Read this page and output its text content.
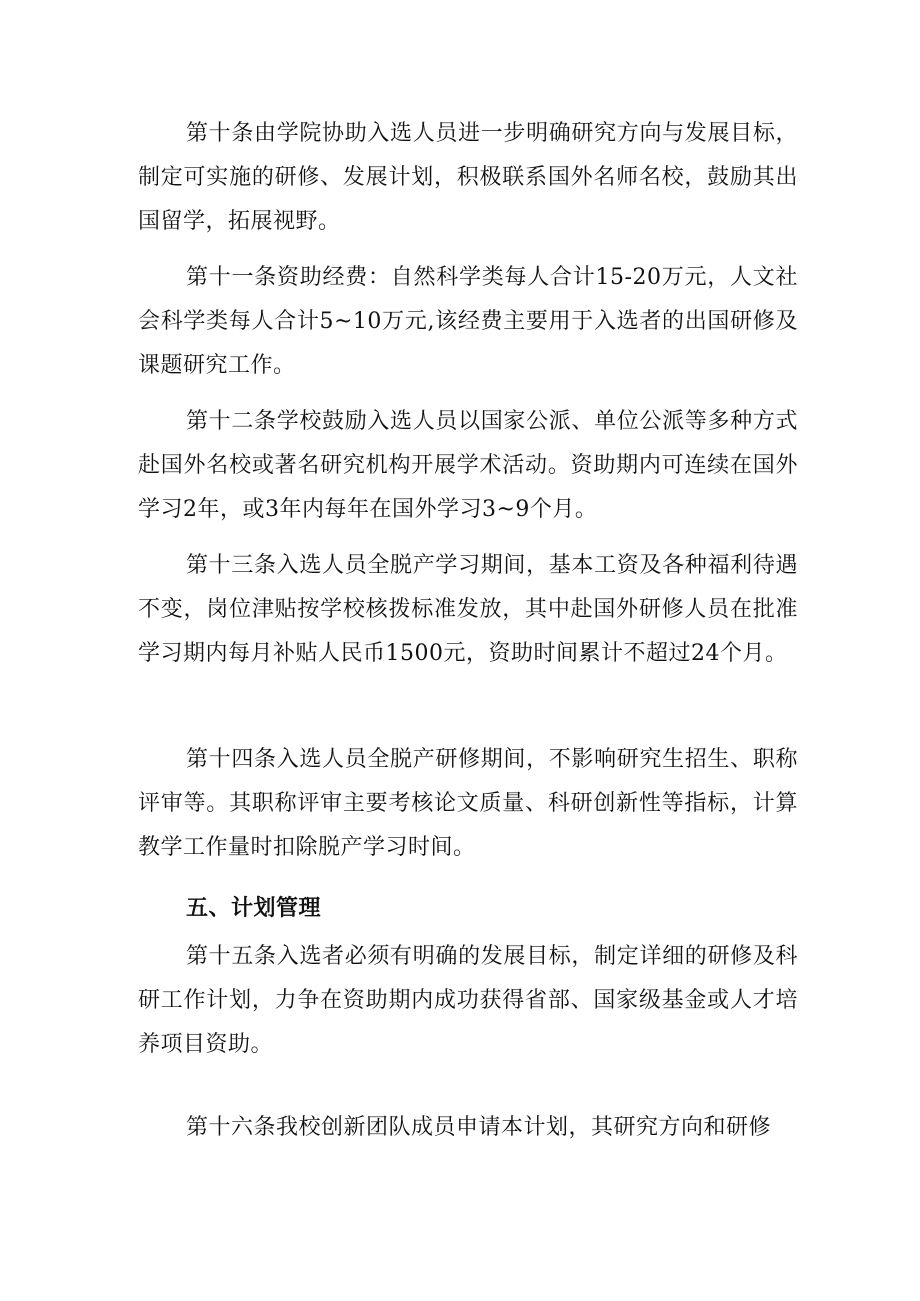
第十条由学院协助入选人员进一步明确研究方向与发展目标，制定可实施的研修、发展计划，积极联系国外名师名校，鼓励其出国留学，拓展视野。

第十一条资助经费：自然科学类每人合计15-20万元，人文社会科学类每人合计5~10万元,该经费主要用于入选者的出国研修及课题研究工作。

第十二条学校鼓励入选人员以国家公派、单位公派等多种方式赴国外名校或著名研究机构开展学术活动。资助期内可连续在国外学习2年，或3年内每年在国外学习3~9个月。

第十三条入选人员全脱产学习期间，基本工资及各种福利待遇不变，岗位津贴按学校核拨标准发放，其中赴国外研修人员在批准学习期内每月补贴人民币1500元，资助时间累计不超过24个月。

第十四条入选人员全脱产研修期间，不影响研究生招生、职称评审等。其职称评审主要考核论文质量、科研创新性等指标，计算教学工作量时扣除脱产学习时间。

五、计划管理

第十五条入选者必须有明确的发展目标，制定详细的研修及科研工作计划，力争在资助期内成功获得省部、国家级基金或人才培养项目资助。

第十六条我校创新团队成员申请本计划，其研究方向和研修
